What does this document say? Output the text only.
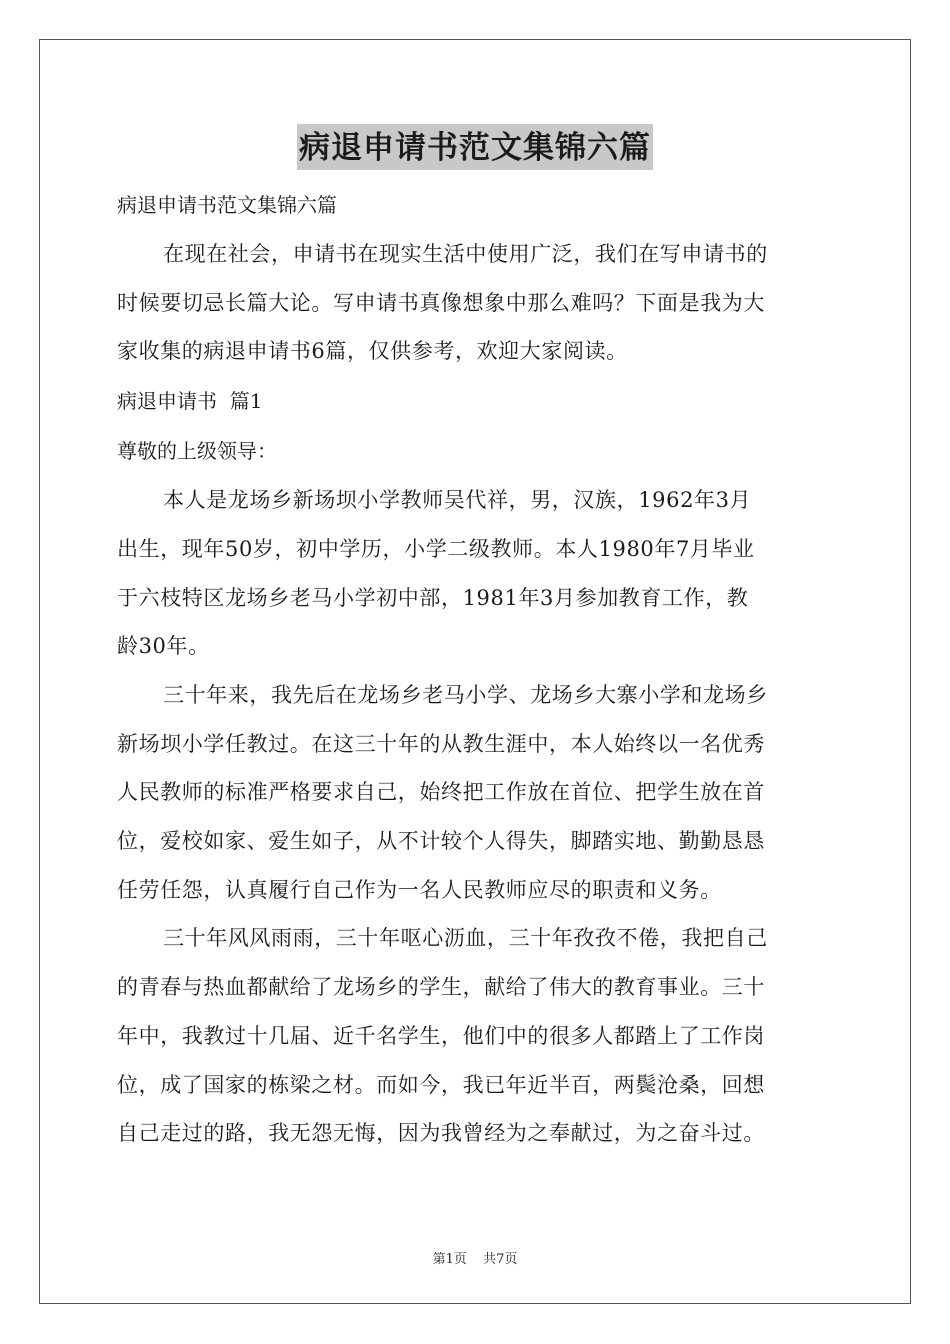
病退申请书范文集锦六篇

病退申请书范文集锦六篇

在现在社会，申请书在现实生活中使用广泛，我们在写申请书的

时候要切忌长篇大论。写申请书真像想象中那么难吗？下面是我为大

家收集的病退申请书6篇，仅供参考，欢迎大家阅读。

病退申请书  篇1

尊敬的上级领导：

本人是龙场乡新场坝小学教师吴代祥，男，汉族，1962年3月

出生，现年50岁，初中学历，小学二级教师。本人1980年7月毕业

于六枝特区龙场乡老马小学初中部，1981年3月参加教育工作，教

龄30年。

三十年来，我先后在龙场乡老马小学、龙场乡大寨小学和龙场乡

新场坝小学任教过。在这三十年的从教生涯中，本人始终以一名优秀

人民教师的标准严格要求自己，始终把工作放在首位、把学生放在首

位，爱校如家、爱生如子，从不计较个人得失，脚踏实地、勤勤恳恳

任劳任怨，认真履行自己作为一名人民教师应尽的职责和义务。

三十年风风雨雨，三十年呕心沥血，三十年孜孜不倦，我把自己

的青春与热血都献给了龙场乡的学生，献给了伟大的教育事业。三十

年中，我教过十几届、近千名学生，他们中的很多人都踏上了工作岗

位，成了国家的栋梁之材。而如今，我已年近半百，两鬓沧桑，回想

自己走过的路，我无怨无悔，因为我曾经为之奉献过，为之奋斗过。

第1页 共7页
